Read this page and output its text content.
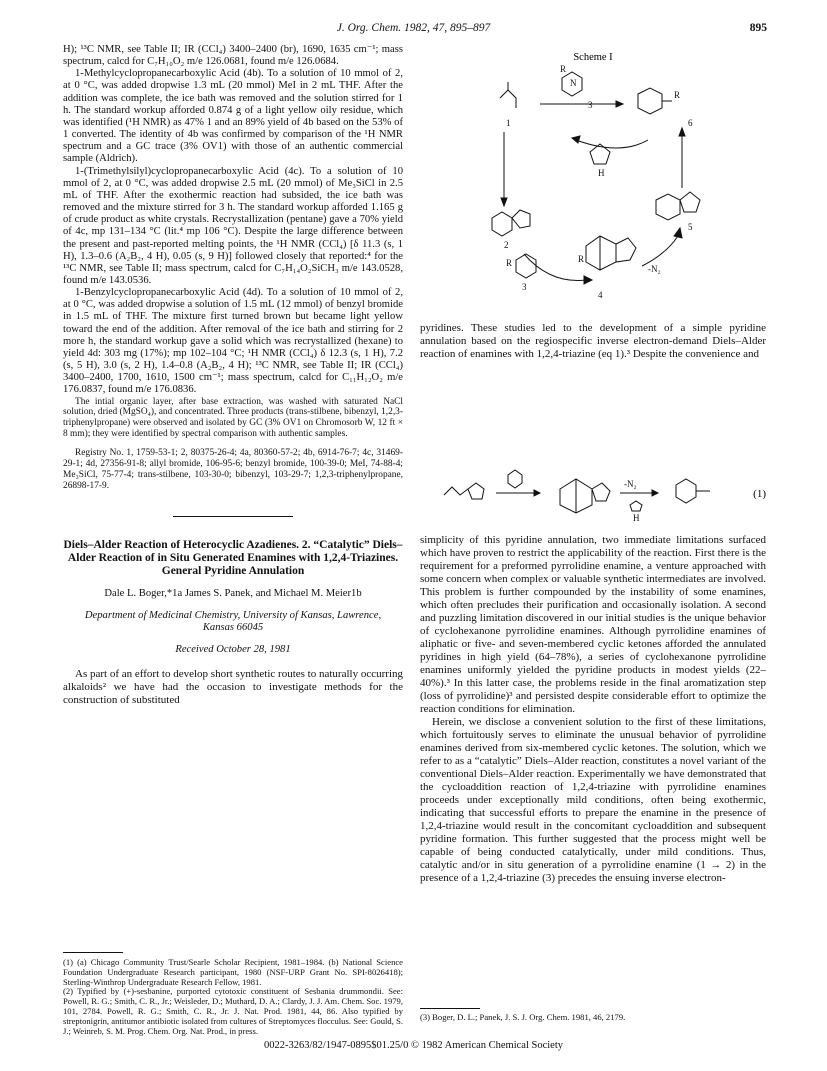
J. Org. Chem. 1982, 47, 895–897	895

H); ¹³C NMR, see Table II; IR (CCl₄) 3400–2400 (br), 1690, 1635 cm⁻¹; mass spectrum, calcd for C₇H₁₀O₂ m/e 126.0681, found m/e 126.0684.

1-Methylcyclopropanecarboxylic Acid (4b). To a solution of 10 mmol of 2, at 0 °C, was added dropwise 1.3 mL (20 mmol) MeI in 2 mL THF. After the addition was complete, the ice bath was removed and the solution stirred for 1 h. The standard workup afforded 0.874 g of a light yellow oily residue, which was identified (¹H NMR) as 47% 1 and an 89% yield of 4b based on the 53% of 1 converted. The identity of 4b was confirmed by comparison of the ¹H NMR spectrum and a GC trace (3% OV1) with those of an authentic commercial sample (Aldrich).

1-(Trimethylsilyl)cyclopropanecarboxylic Acid (4c). To a solution of 10 mmol of 2, at 0 °C, was added dropwise 2.5 mL (20 mmol) of Me₃SiCl in 2.5 mL of THF. After the exothermic reaction had subsided, the ice bath was removed and the mixture stirred for 3 h. The standard workup afforded 1.165 g of crude product as white crystals. Recrystallization (pentane) gave a 70% yield of 4c, mp 131–134 °C (lit.⁴ mp 106 °C). Despite the large difference between the present and past-reported melting points, the ¹H NMR (CCl₄) [δ 11.3 (s, 1 H), 1.3–0.6 (A₂B₂, 4 H), 0.05 (s, 9 H)] followed closely that reported:⁴ for the ¹³C NMR, see Table II; mass spectrum, calcd for C₇H₁₄O₂SiCH₃ m/e 143.0528, found m/e 143.0536.

1-Benzylcyclopropanecarboxylic Acid (4d). To a solution of 10 mmol of 2, at 0 °C, was added dropwise a solution of 1.5 mL (12 mmol) of benzyl bromide in 1.5 mL of THF. The mixture first turned brown but became light yellow toward the end of the addition. After removal of the ice bath and stirring for 2 more h, the standard workup gave a solid which was recrystallized (hexane) to yield 4d: 303 mg (17%); mp 102–104 °C; ¹H NMR (CCl₄) δ 12.3 (s, 1 H), 7.2 (s, 5 H), 3.0 (s, 2 H), 1.4–0.8 (A₂B₂, 4 H); ¹³C NMR, see Table II; IR (CCl₄) 3400–2400, 1700, 1610, 1500 cm⁻¹; mass spectrum, calcd for C₁₁H₁₂O₂ m/e 176.0837, found m/e 176.0836.

The intial organic layer, after base extraction, was washed with saturated NaCl solution, dried (MgSO₄), and concentrated. Three products (trans-stilbene, bibenzyl, 1,2,3-triphenylpropane) were observed and isolated by GC (3% OV1 on Chromosorb W, 12 ft × 8 mm); they were identified by spectral comparison with authentic samples.

Registry No. 1, 1759-53-1; 2, 80375-26-4; 4a, 80360-57-2; 4b, 6914-76-7; 4c, 31469-29-1; 4d, 27356-91-8; allyl bromide, 106-95-6; benzyl bromide, 100-39-0; MeI, 74-88-4; Me₃SiCl, 75-77-4; trans-stilbene, 103-30-0; bibenzyl, 103-29-7; 1,2,3-triphenylpropane, 26898-17-9.

Diels–Alder Reaction of Heterocyclic Azadienes. 2. “Catalytic” Diels–Alder Reaction of in Situ Generated Enamines with 1,2,4-Triazines. General Pyridine Annulation

Dale L. Boger,*1a James S. Panek, and Michael M. Meier1b

Department of Medicinal Chemistry, University of Kansas, Lawrence, Kansas 66045

Received October 28, 1981

As part of an effort to develop short synthetic routes to naturally occurring alkaloids² we have had the occasion to investigate methods for the construction of substituted

(1) (a) Chicago Community Trust/Searle Scholar Recipient, 1981–1984. (b) National Science Foundation Undergraduate Research participant, 1980 (NSF-URP Grant No. SPI-8026418); Sterling-Winthrop Undergraduate Research Fellow, 1981.

(2) Typified by (+)-sesbanine, purported cytotoxic constituent of Sesbania drummondii. See: Powell, R. G.; Smith, C. R., Jr.; Weisleder, D.; Muthard, D. A.; Clardy, J. J. Am. Chem. Soc. 1979, 101, 2784. Powell, R. G.; Smith, C. R., Jr. J. Nat. Prod. 1981, 44, 86. Also typified by streptonigrin, antitumor antibiotic isolated from cultures of Streptomyces flocculus. See: Gould, S. J.; Weinreb, S. M. Prog. Chem. Org. Nat. Prod., in press.

Scheme I
R
N
3
1
R
6
H
2
5
-N₂
R
3
R
4

pyridines. These studies led to the development of a simple pyridine annulation based on the regiospecific inverse electron-demand Diels–Alder reaction of enamines with 1,2,4-triazine (eq 1).³ Despite the convenience and

-N₂
H
(1)

simplicity of this pyridine annulation, two immediate limitations surfaced which have proven to restrict the applicability of the reaction. First there is the requirement for a preformed pyrrolidine enamine, a venture approached with some concern when complex or valuable synthetic intermediates are involved. This problem is further compounded by the instability of some enamines, which often precludes their purification and occasionally isolation. A second and puzzling limitation discovered in our initial studies is the unique behavior of cyclohexanone pyrrolidine enamines. Although pyrrolidine enamines of aliphatic or five- and seven-membered cyclic ketones afforded the annulated pyridines in high yield (64–78%), a series of cyclohexanone pyrrolidine enamines uniformly yielded the pyridine products in modest yields (22–40%).³ In this latter case, the problems reside in the final aromatization step (loss of pyrrolidine)³ and persisted despite considerable effort to optimize the reaction conditions for elimination.

Herein, we disclose a convenient solution to the first of these limitations, which fortuitously serves to eliminate the unusual behavior of pyrrolidine enamines derived from six-membered cyclic ketones. The solution, which we refer to as a “catalytic” Diels–Alder reaction, constitutes a novel variant of the conventional Diels–Alder reaction. Experimentally we have demonstrated that the cycloaddition reaction of 1,2,4-triazine with pyrrolidine enamines proceeds under exceptionally mild conditions, often being exothermic, indicating that successful efforts to prepare the enamine in the presence of 1,2,4-triazine would result in the concomitant cycloaddition and subsequent pyridine formation. This further suggested that the process might well be capable of being conducted catalytically, under mild conditions. Thus, catalytic and/or in situ generation of a pyrrolidine enamine (1 → 2) in the presence of a 1,2,4-triazine (3) precedes the ensuing inverse electron-

(3) Boger, D. L.; Panek, J. S. J. Org. Chem. 1981, 46, 2179.

0022-3263/82/1947-0895$01.25/0 © 1982 American Chemical Society
